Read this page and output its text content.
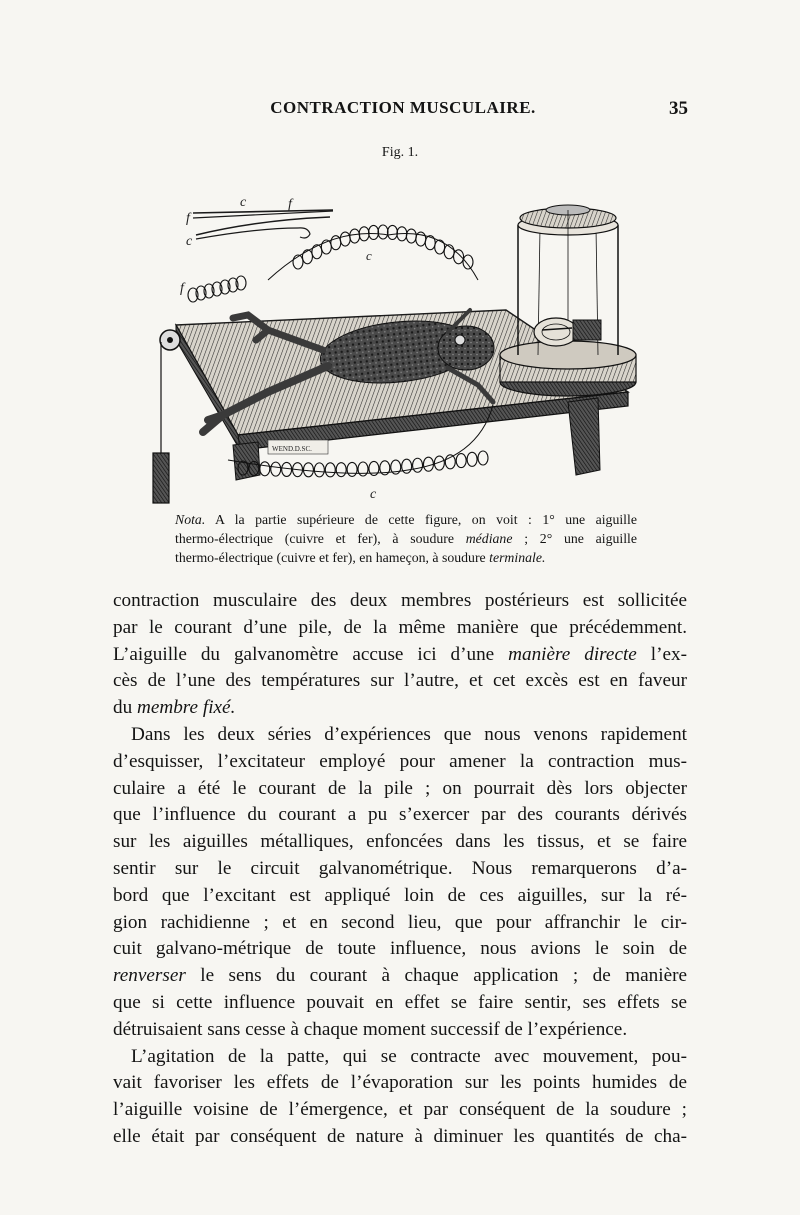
CONTRACTION MUSCULAIRE.	35
Fig. 1.
c	f
f
c
f
c
c
WEND.D.SC.
Nota. A la partie supérieure de cette figure, on voit : 1° une aiguille
thermo-électrique (cuivre et fer), à soudure médiane ; 2° une aiguille
thermo-électrique (cuivre et fer), en hameçon, à soudure terminale.
contraction musculaire des deux membres postérieurs est sollicitée
par le courant d’une pile, de la même manière que précédemment.
L’aiguille du galvanomètre accuse ici d’une manière directe l’ex-
cès de l’une des températures sur l’autre, et cet excès est en faveur
du membre fixé.
Dans les deux séries d’expériences que nous venons rapidement
d’esquisser, l’excitateur employé pour amener la contraction mus-
culaire a été le courant de la pile ; on pourrait dès lors objecter
que l’influence du courant a pu s’exercer par des courants dérivés
sur les aiguilles métalliques, enfoncées dans les tissus, et se faire
sentir sur le circuit galvanométrique. Nous remarquerons d’a-
bord que l’excitant est appliqué loin de ces aiguilles, sur la ré-
gion rachidienne ; et en second lieu, que pour affranchir le cir-
cuit galvano-métrique de toute influence, nous avions le soin de
renverser le sens du courant à chaque application ; de manière
que si cette influence pouvait en effet se faire sentir, ses effets se
détruisaient sans cesse à chaque moment successif de l’expérience.
L’agitation de la patte, qui se contracte avec mouvement, pou-
vait favoriser les effets de l’évaporation sur les points humides de
l’aiguille voisine de l’émergence, et par conséquent de la soudure ;
elle était par conséquent de nature à diminuer les quantités de cha-
